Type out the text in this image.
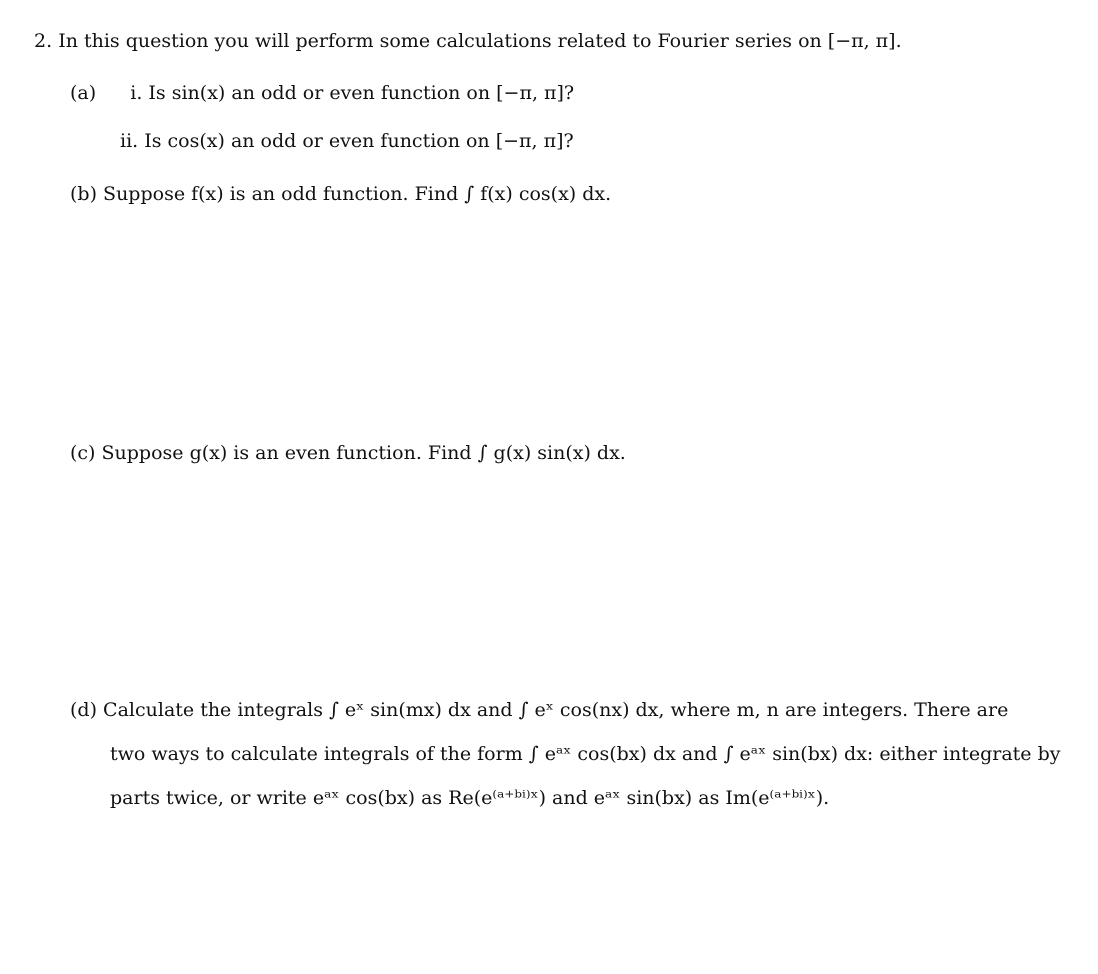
2. In this question you will perform some calculations related to Fourier series on [−π, π].
(a) i. Is sin(x) an odd or even function on [−π, π]?
ii. Is cos(x) an odd or even function on [−π, π]?
(b) Suppose f(x) is an odd function. Find ∫ f(x) cos(x) dx.
(c) Suppose g(x) is an even function. Find ∫ g(x) sin(x) dx.
(d) Calculate the integrals ∫ eˣ sin(mx) dx and ∫ eˣ cos(nx) dx, where m, n are integers. There are
two ways to calculate integrals of the form ∫ eᵃˣ cos(bx) dx and ∫ eᵃˣ sin(bx) dx: either integrate by
parts twice, or write eᵃˣ cos(bx) as Re(e⁽ᵃ⁺ᵇⁱ⁾ˣ) and eᵃˣ sin(bx) as Im(e⁽ᵃ⁺ᵇⁱ⁾ˣ).
